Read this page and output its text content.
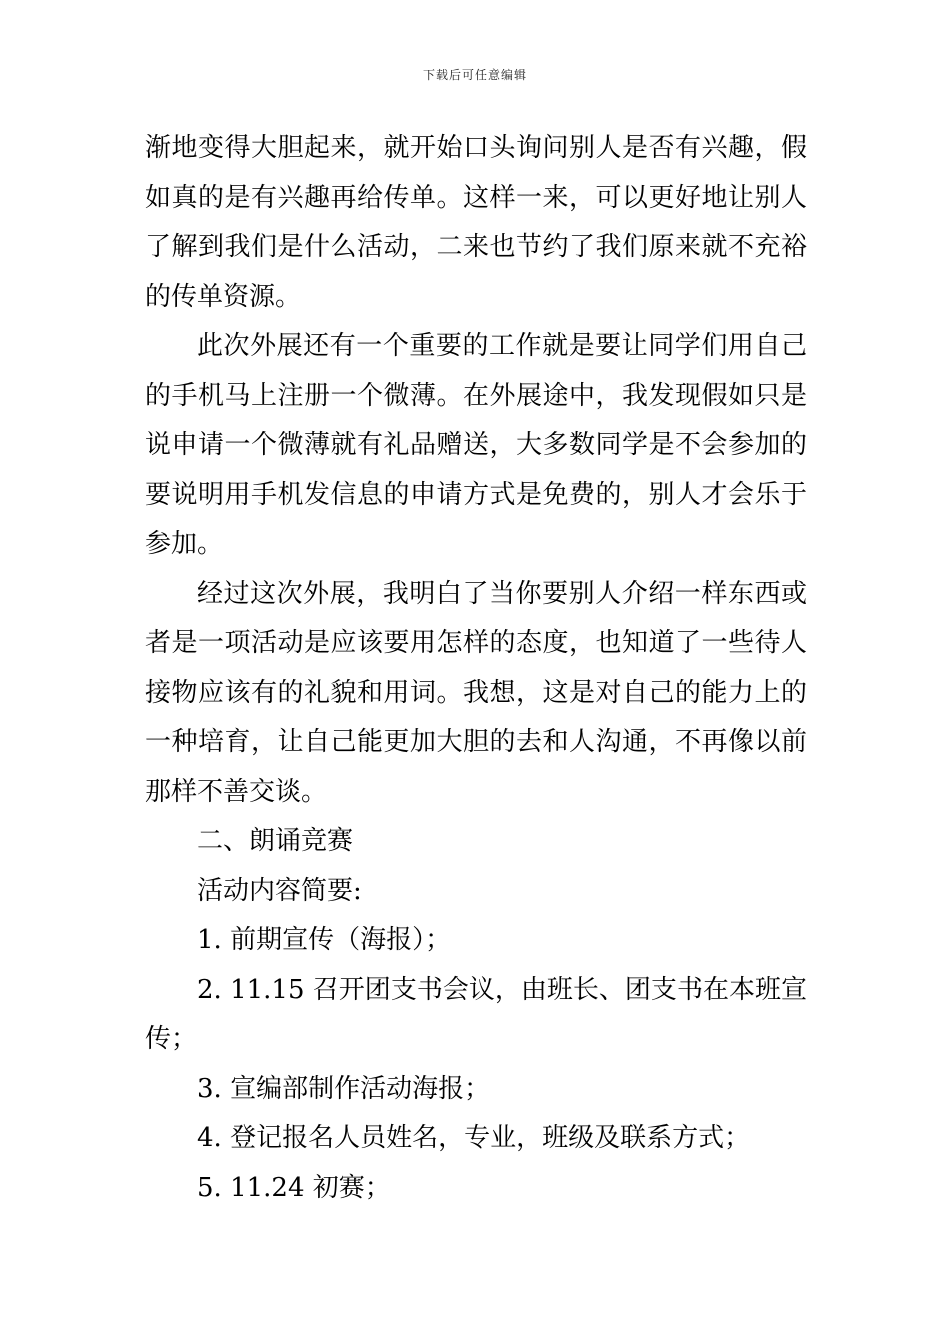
下载后可任意编辑

渐地变得大胆起来，就开始口头询问别人是否有兴趣，假如真的是有兴趣再给传单。这样一来，可以更好地让别人了解到我们是什么活动，二来也节约了我们原来就不充裕的传单资源。

此次外展还有一个重要的工作就是要让同学们用自己的手机马上注册一个微薄。在外展途中，我发现假如只是说申请一个微薄就有礼品赠送，大多数同学是不会参加的要说明用手机发信息的申请方式是免费的，别人才会乐于参加。

经过这次外展，我明白了当你要别人介绍一样东西或者是一项活动是应该要用怎样的态度，也知道了一些待人接物应该有的礼貌和用词。我想，这是对自己的能力上的一种培育，让自己能更加大胆的去和人沟通，不再像以前那样不善交谈。

二、朗诵竞赛

活动内容简要:

1. 前期宣传（海报）；

2. 11.15 召开团支书会议，由班长、团支书在本班宣传；

3. 宣编部制作活动海报；

4. 登记报名人员姓名，专业，班级及联系方式；

5. 11.24 初赛；
